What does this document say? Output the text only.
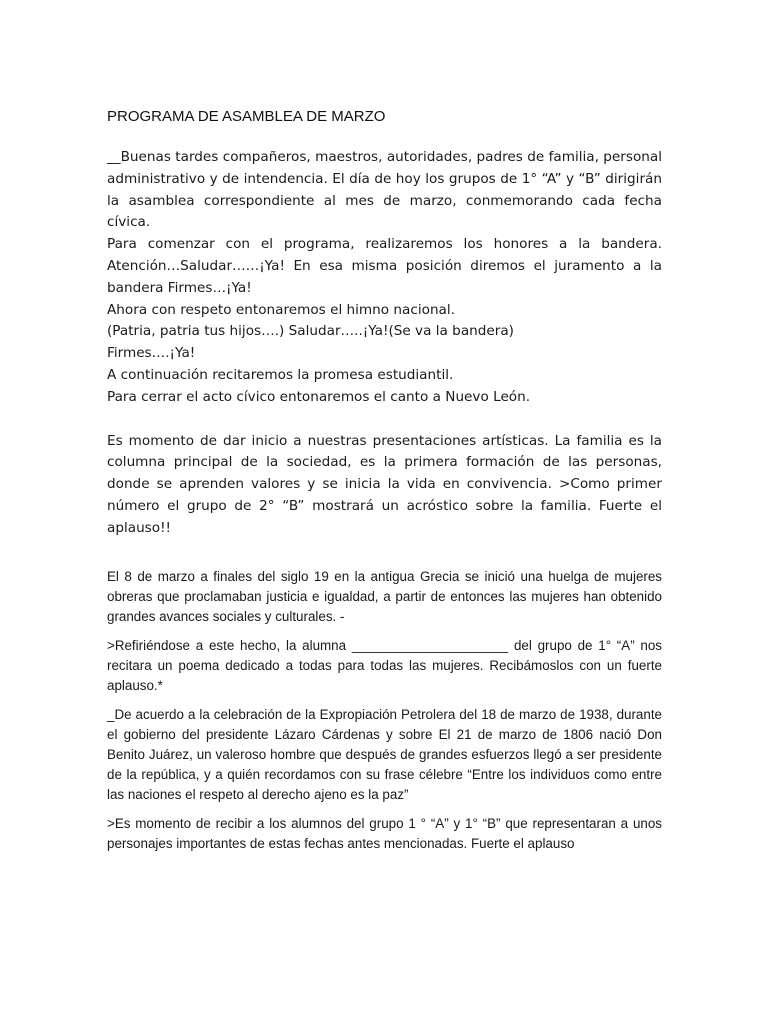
PROGRAMA DE ASAMBLEA DE MARZO

__Buenas tardes compañeros, maestros, autoridades, padres de familia, personal administrativo y de intendencia. El día de hoy los grupos de 1° “A” y “B” dirigirán la asamblea correspondiente al mes de marzo, conmemorando cada fecha cívica.

Para comenzar con el programa, realizaremos los honores a la bandera. Atención…Saludar……¡Ya! En esa misma posición diremos el juramento a la bandera Firmes…¡Ya!

Ahora con respeto entonaremos el himno nacional.

(Patria, patria tus hijos….) Saludar…..¡Ya!(Se va la bandera)

Firmes….¡Ya!

A continuación recitaremos la promesa estudiantil.

Para cerrar el acto cívico entonaremos el canto a Nuevo León.

Es momento de dar inicio a nuestras presentaciones artísticas. La familia es la columna principal de la sociedad, es la primera formación de las personas, donde se aprenden valores y se inicia la vida en convivencia. >Como primer número el grupo de 2° “B” mostrará un acróstico sobre la familia. Fuerte el aplauso!!

El 8 de marzo a finales del siglo 19 en la antigua Grecia se inició una huelga de mujeres obreras que proclamaban justicia e igualdad, a partir de entonces las mujeres han obtenido grandes avances sociales y culturales. -

>Refiriéndose a este hecho, la alumna _____________________ del grupo de 1° “A” nos recitara un poema dedicado a todas para todas las mujeres. Recibámoslos con un fuerte aplauso.*

_De acuerdo a la celebración de la Expropiación Petrolera del 18 de marzo de 1938, durante el gobierno del presidente Lázaro Cárdenas y sobre El 21 de marzo de 1806 nació Don Benito Juárez, un valeroso hombre que después de grandes esfuerzos llegó a ser presidente de la república, y a quién recordamos con su frase célebre “Entre los individuos como entre las naciones el respeto al derecho ajeno es la paz”

>Es momento de recibir a los alumnos del grupo 1 ° “A” y 1° “B” que representaran a unos personajes importantes de estas fechas antes mencionadas. Fuerte el aplauso
